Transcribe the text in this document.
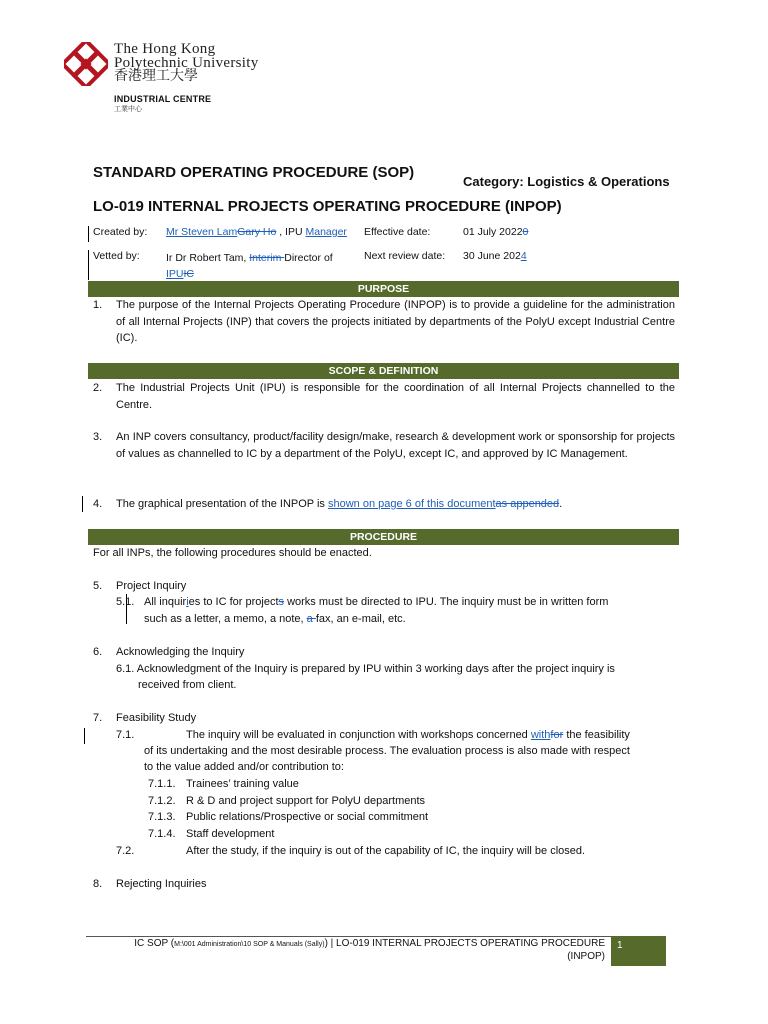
The Hong Kong
Polytechnic University
香港理工大學
INDUSTRIAL CENTRE
工業中心
STANDARD OPERATING PROCEDURE (SOP)
Category: Logistics & Operations
LO-019 INTERNAL PROJECTS OPERATING PROCEDURE (INPOP)
Created by: Mr Steven LamGary Ho , IPU Manager Effective date:	01 July 20220
Vetted by:	Ir Dr Robert Tam, Interim Director of
IPUIC
Next review date: 30 June 2024
PURPOSE
1. The purpose of the Internal Projects Operating Procedure (INPOP) is to provide a guideline for the administration of all Internal Projects (INP) that covers the projects initiated by departments of the PolyU except Industrial Centre (IC).
SCOPE & DEFINITION
2. The Industrial Projects Unit (IPU) is responsible for the coordination of all Internal Projects channelled to the Centre.
3. An INP covers consultancy, product/facility design/make, research & development work or sponsorship for projects of values as channelled to IC by a department of the PolyU, except IC, and approved by IC Management.
4. The graphical presentation of the INPOP is shown on page 6 of this documentas appended.
PROCEDURE
For all INPs, the following procedures should be enacted.
5. Project Inquiry
5.1. All inquiries to IC for projects works must be directed to IPU. The inquiry must be in written form
such as a letter, a memo, a note, a fax, an e-mail, etc.
6. Acknowledging the Inquiry
6.1. Acknowledgment of the Inquiry is prepared by IPU within 3 working days after the project inquiry is
received from client.
7. Feasibility Study
7.1.	The inquiry will be evaluated in conjunction with workshops concerned withfor the feasibility
of its undertaking and the most desirable process. The evaluation process is also made with respect
to the value added and/or contribution to:
7.1.1. Trainees’ training value
7.1.2. R & D and project support for PolyU departments
7.1.3. Public relations/Prospective or social commitment
7.1.4. Staff development
7.2.	After the study, if the inquiry is out of the capability of IC, the inquiry will be closed.
8. Rejecting Inquiries
IC SOP (M:\001 Administration\10 SOP & Manuals (Sally)) | LO-019 INTERNAL PROJECTS OPERATING PROCEDURE
(INPOP)
1
